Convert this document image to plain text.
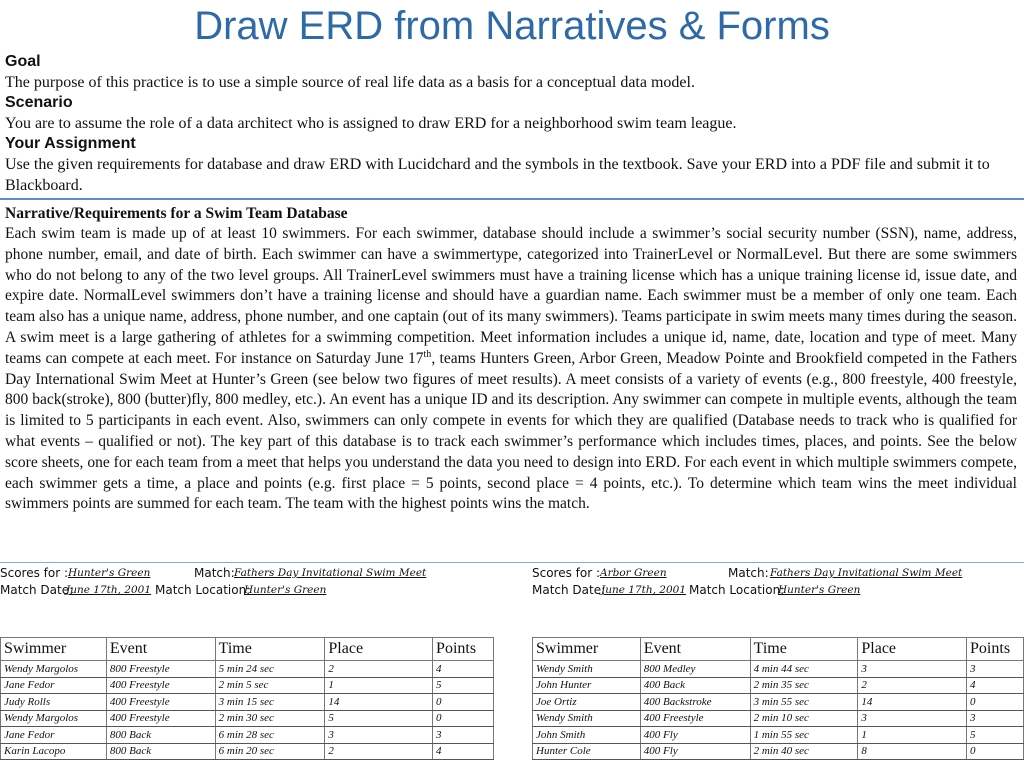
Draw ERD from Narratives & Forms

Goal

The purpose of this practice is to use a simple source of real life data as a basis for a conceptual data model.

Scenario

You are to assume the role of a data architect who is assigned to draw ERD for a neighborhood swim team league.

Your Assignment

Use the given requirements for database and draw ERD with Lucidchard and the symbols in the textbook. Save your ERD into a PDF file and submit it to Blackboard.

Narrative/Requirements for a Swim Team Database

Each swim team is made up of at least 10 swimmers. For each swimmer, database should include a swimmer’s social security number (SSN), name, address, phone number, email, and date of birth. Each swimmer can have a swimmertype, categorized into TrainerLevel or NormalLevel. But there are some swimmers who do not belong to any of the two level groups. All TrainerLevel swimmers must have a training license which has a unique training license id, issue date, and expire date. NormalLevel swimmers don’t have a training license and should have a guardian name. Each swimmer must be a member of only one team. Each team also has a unique name, address, phone number, and one captain (out of its many swimmers). Teams participate in swim meets many times during the season. A swim meet is a large gathering of athletes for a swimming competition. Meet information includes a unique id, name, date, location and type of meet. Many teams can compete at each meet. For instance on Saturday June 17th, teams Hunters Green, Arbor Green, Meadow Pointe and Brookfield competed in the Fathers Day International Swim Meet at Hunter’s Green (see below two figures of meet results). A meet consists of a variety of events (e.g., 800 freestyle, 400 freestyle, 800 back(stroke), 800 (butter)fly, 800 medley, etc.). An event has a unique ID and its description. Any swimmer can compete in multiple events, although the team is limited to 5 participants in each event. Also, swimmers can only compete in events for which they are qualified (Database needs to track who is qualified for what events – qualified or not). The key part of this database is to track each swimmer’s performance which includes times, places, and points. See the below score sheets, one for each team from a meet that helps you understand the data you need to design into ERD. For each event in which multiple swimmers compete, each swimmer gets a time, a place and points (e.g. first place = 5 points, second place = 4 points, etc.). To determine which team wins the meet individual swimmers points are summed for each team. The team with the highest points wins the match.

Scores for : Hunter's Green	Match: Fathers Day Invitational Swim Meet
Match Date:
June 17th, 2001 Match Location:
Hunter's Green
Swimmer	Event	Time	Place	Points
Wendy Margolos	800 Freestyle	5 min 24 sec	2	4
Jane Fedor	400 Freestyle	2 min 5 sec	1	5
Judy Rolls	400 Freestyle	3 min 15 sec	14	0
Wendy Margolos	400 Freestyle	2 min 30 sec	5	0
Jane Fedor	800 Back	6 min 28 sec	3	3
Karin Lacopo	800 Back	6 min 20 sec	2	4
Scores for : Arbor Green	Match: Fathers Day Invitational Swim Meet
Match Date:
June 17th, 2001 Match Location:
Hunter's Green
Swimmer	Event	Time	Place	Points
Wendy Smith	800 Medley	4 min 44 sec	3	3
John Hunter	400 Back	2 min 35 sec	2	4
Joe Ortiz	400 Backstroke	3 min 55 sec	14	0
Wendy Smith	400 Freestyle	2 min 10 sec	3	3
John Smith	400 Fly	1 min 55 sec	1	5
Hunter Cole	400 Fly	2 min 40 sec	8	0
